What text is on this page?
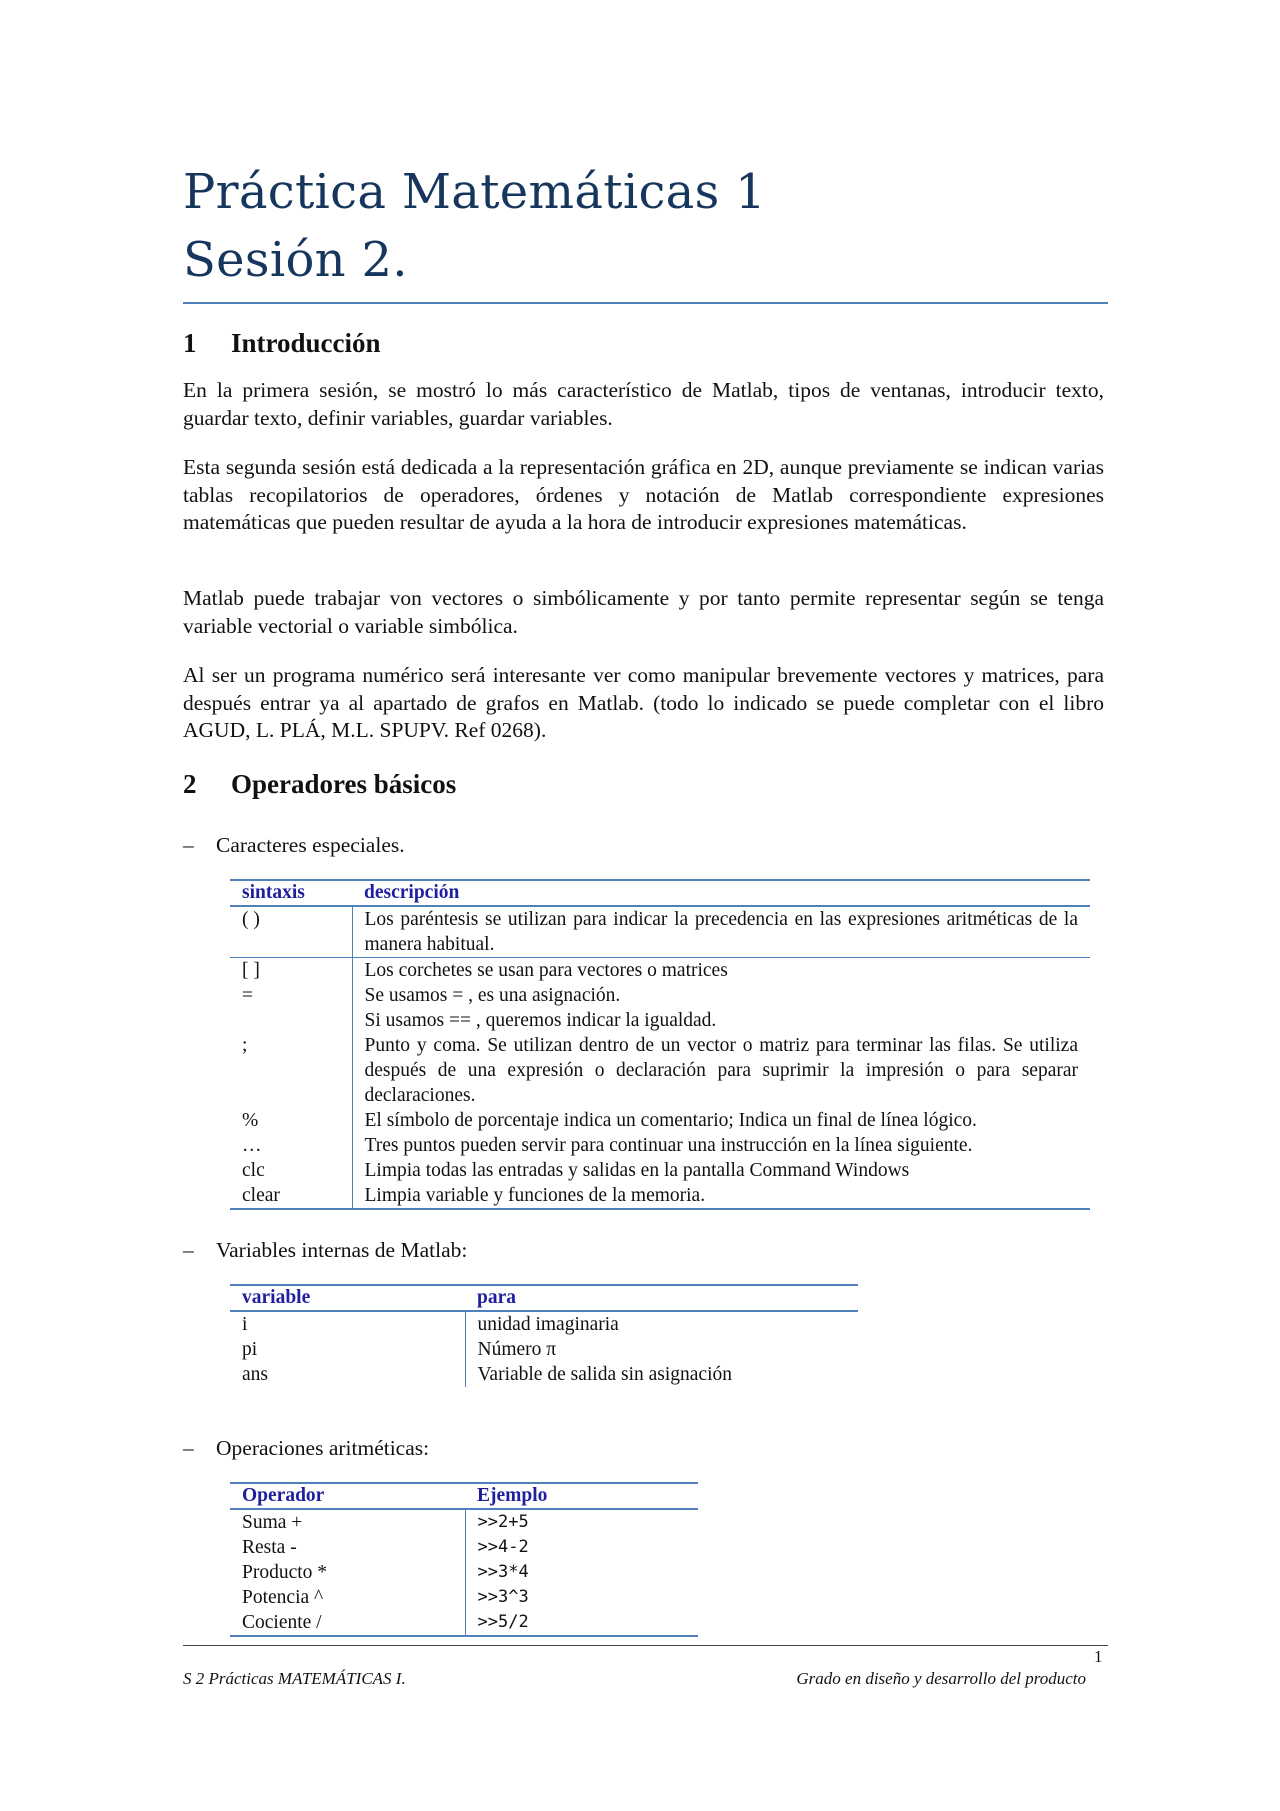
Práctica Matemáticas 1
Sesión 2.
1 Introducción

En la primera sesión, se mostró lo más característico de Matlab, tipos de ventanas, introducir texto, guardar texto, definir variables, guardar variables.

Esta segunda sesión está dedicada a la representación gráfica en 2D, aunque previamente se indican varias tablas recopilatorios de operadores, órdenes y notación de Matlab correspondiente expresiones matemáticas que pueden resultar de ayuda a la hora de introducir expresiones matemáticas.

Matlab puede trabajar von vectores o simbólicamente y por tanto permite representar según se tenga variable vectorial o variable simbólica.

Al ser un programa numérico será interesante ver como manipular brevemente vectores y matrices, para después entrar ya al apartado de grafos en Matlab. (todo lo indicado se puede completar con el libro AGUD, L. PLÁ, M.L. SPUPV. Ref 0268).

2 Operadores básicos
– Caracteres especiales.
sintaxis	descripción
( )	Los paréntesis se utilizan para indicar la precedencia en las expresiones aritméticas de la manera habitual.
[ ]	Los corchetes se usan para vectores o matrices
=	Se usamos = , es una asignación.
	Si usamos == , queremos indicar la igualdad.
;	Punto y coma. Se utilizan dentro de un vector o matriz para terminar las filas. Se utiliza después de una expresión o declaración para suprimir la impresión o para separar declaraciones.
%	El símbolo de porcentaje indica un comentario; Indica un final de línea lógico.
…	Tres puntos pueden servir para continuar una instrucción en la línea siguiente.
clc	Limpia todas las entradas y salidas en la pantalla Command Windows
clear	Limpia variable y funciones de la memoria.
– Variables internas de Matlab:
variable	para
i	unidad imaginaria
pi	Número π
ans	Variable de salida sin asignación
– Operaciones aritméticas:
Operador	Ejemplo
Suma +	>>2+5
Resta -	>>4-2
Producto *	>>3*4
Potencia ^	>>3^3
Cociente /	>>5/2
1
S 2 Prácticas MATEMÁTICAS I.	Grado en diseño y desarrollo del producto
